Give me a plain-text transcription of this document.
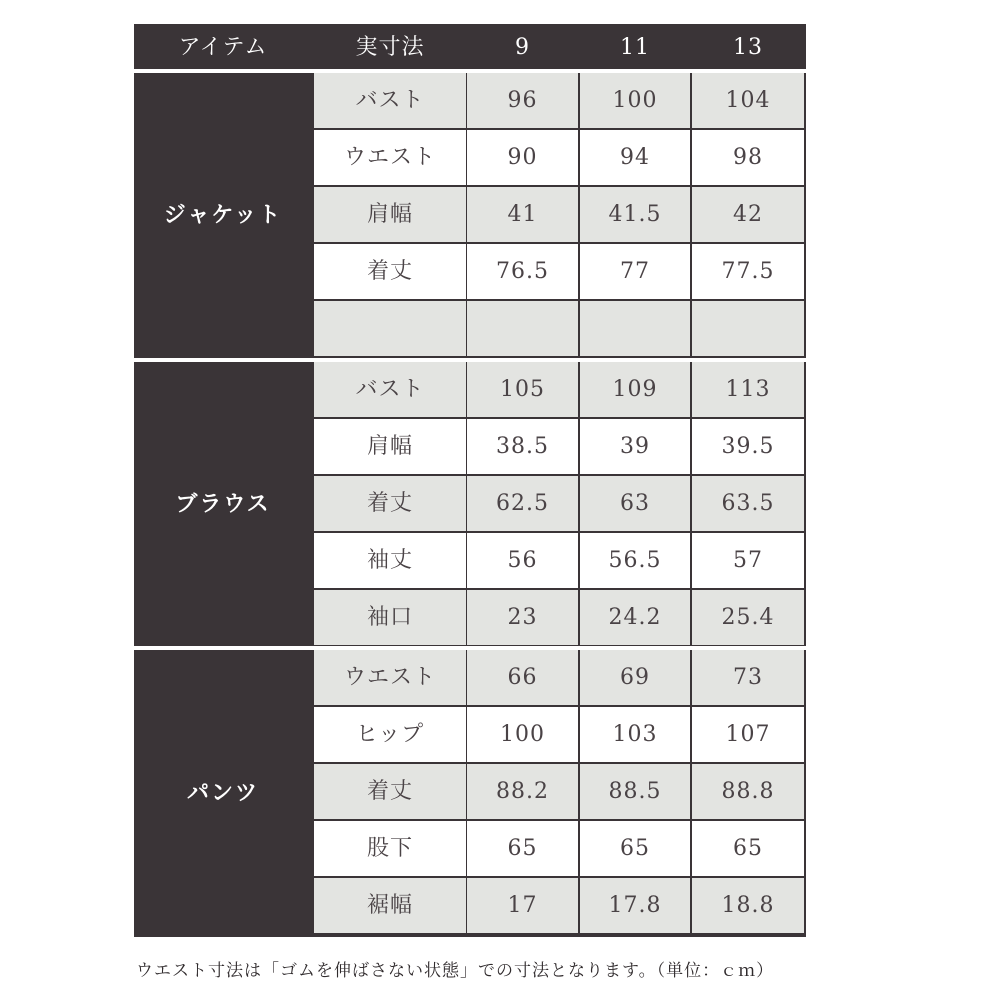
アイテム	実寸法	9	11	13
ジャケット
バスト	96	100	104
ウエスト	90	94	98
肩幅	41	41.5	42
着丈	76.5	77	77.5
ブラウス
バスト	105	109	113
肩幅	38.5	39	39.5
着丈	62.5	63	63.5
袖丈	56	56.5	57
袖口	23	24.2	25.4
パンツ
ウエスト	66	69	73
ヒップ	100	103	107
着丈	88.2	88.5	88.8
股下	65	65	65
裾幅	17	17.8	18.8
ウエスト寸法は「ゴムを伸ばさない状態」での寸法となります。（単位：ｃｍ）
